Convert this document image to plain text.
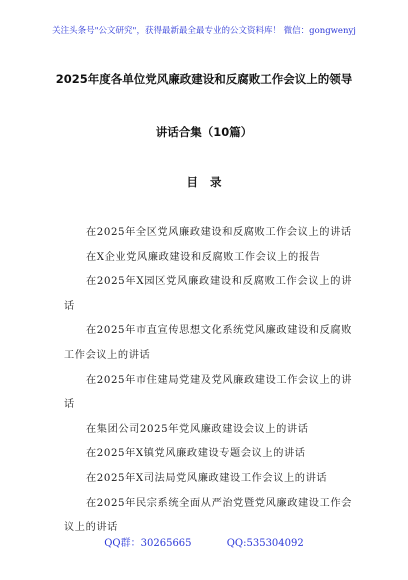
关注头条号"公文研究"，获得最新最全最专业的公文资料库！ 微信：gongwenyj
2025年度各单位党风廉政建设和反腐败工作会议上的领导
讲话合集（10篇）
目录
在2025年全区党风廉政建设和反腐败工作会议上的讲话
在X企业党风廉政建设和反腐败工作会议上的报告
在2025年X园区党风廉政建设和反腐败工作会议上的讲话
在2025年市直宣传思想文化系统党风廉政建设和反腐败工作会议上的讲话
在2025年市住建局党建及党风廉政建设工作会议上的讲话
在集团公司2025年党风廉政建设会议上的讲话
在2025年X镇党风廉政建设专题会议上的讲话
在2025年X司法局党风廉政建设工作会议上的讲话
在2025年民宗系统全面从严治党暨党风廉政建设工作会议上的讲话
QQ群：30265665	QQ:535304092
